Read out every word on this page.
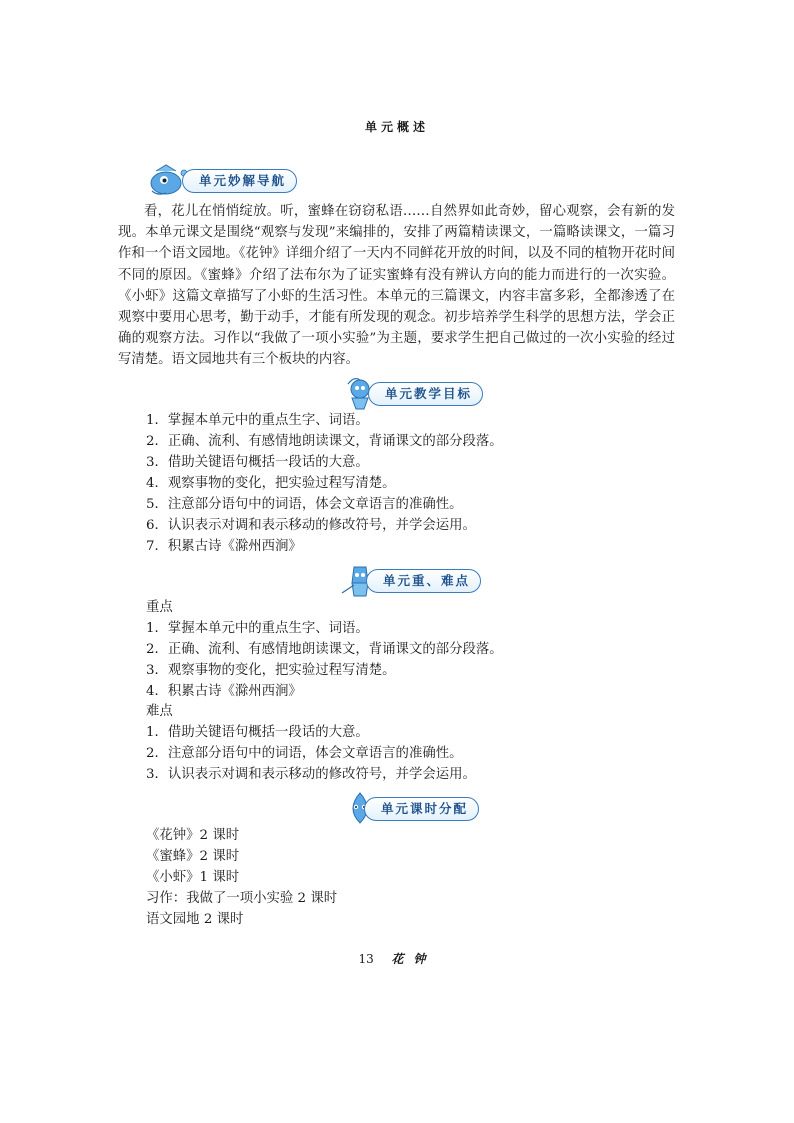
单元概述
单元妙解导航

看，花儿在悄悄绽放。听，蜜蜂在窃窃私语……自然界如此奇妙，留心观察，会有新的发现。本单元课文是围绕“观察与发现”来编排的，安排了两篇精读课文，一篇略读课文，一篇习作和一个语文园地。《花钟》详细介绍了一天内不同鲜花开放的时间，以及不同的植物开花时间不同的原因。《蜜蜂》介绍了法布尔为了证实蜜蜂有没有辨认方向的能力而进行的一次实验。《小虾》这篇文章描写了小虾的生活习性。本单元的三篇课文，内容丰富多彩，全都渗透了在观察中要用心思考，勤于动手，才能有所发现的观念。初步培养学生科学的思想方法，学会正确的观察方法。习作以“我做了一项小实验”为主题，要求学生把自己做过的一次小实验的经过写清楚。语文园地共有三个板块的内容。

单元教学目标
1．掌握本单元中的重点生字、词语。
2．正确、流利、有感情地朗读课文，背诵课文的部分段落。
3．借助关键语句概括一段话的大意。
4．观察事物的变化，把实验过程写清楚。
5．注意部分语句中的词语，体会文章语言的准确性。
6．认识表示对调和表示移动的修改符号，并学会运用。
7．积累古诗《滁州西涧》
单元重、难点
重点
1．掌握本单元中的重点生字、词语。
2．正确、流利、有感情地朗读课文，背诵课文的部分段落。
3．观察事物的变化，把实验过程写清楚。
4．积累古诗《滁州西涧》
难点
1．借助关键语句概括一段话的大意。
2．注意部分语句中的词语，体会文章语言的准确性。
3．认识表示对调和表示移动的修改符号，并学会运用。
单元课时分配
《花钟》2 课时
《蜜蜂》2 课时
《小虾》1 课时
习作：我做了一项小实验 2 课时
语文园地 2 课时
13 花钟
